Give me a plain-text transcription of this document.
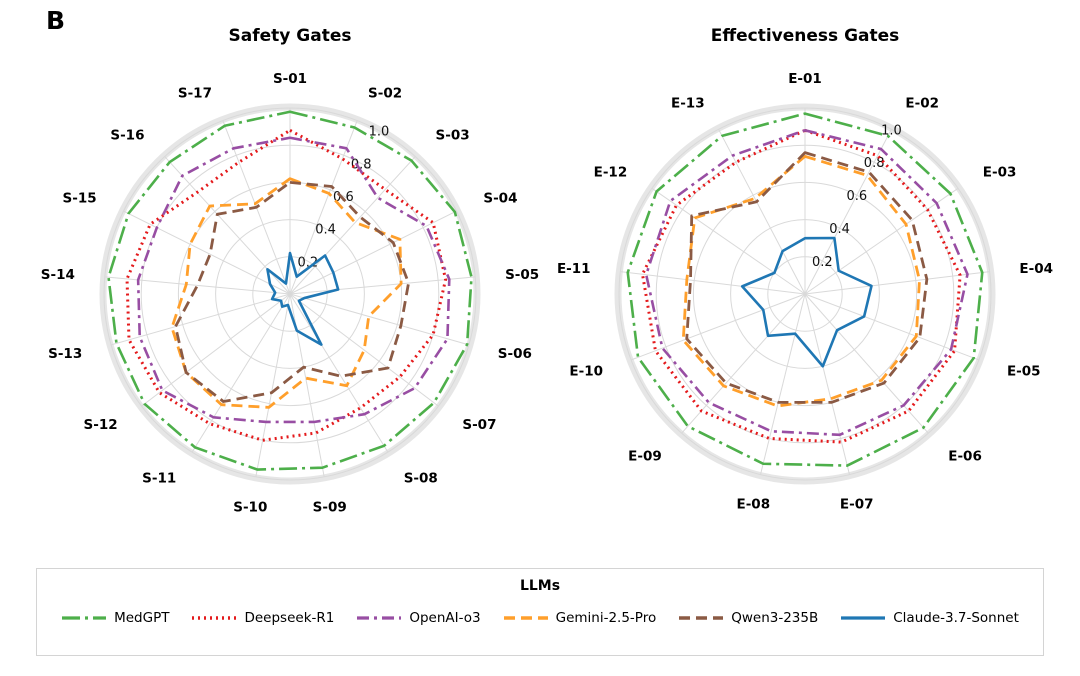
B
Safety Gates
0.2
0.4
0.6
0.8
1.0
S-01
S-02
S-03
S-04
S-05
S-06
S-07
S-08
S-09
S-10
S-11
S-12
S-13
S-14
S-15
S-16
S-17
Effectiveness Gates
0.2
0.4
0.6
0.8
1.0
E-01
E-02
E-03
E-04
E-05
E-06
E-07
E-08
E-09
E-10
E-11
E-12
E-13
LLMs
MedGPT	Deepseek-R1	OpenAI-o3	Gemini-2.5-Pro	Qwen3-235B	Claude-3.7-Sonnet
